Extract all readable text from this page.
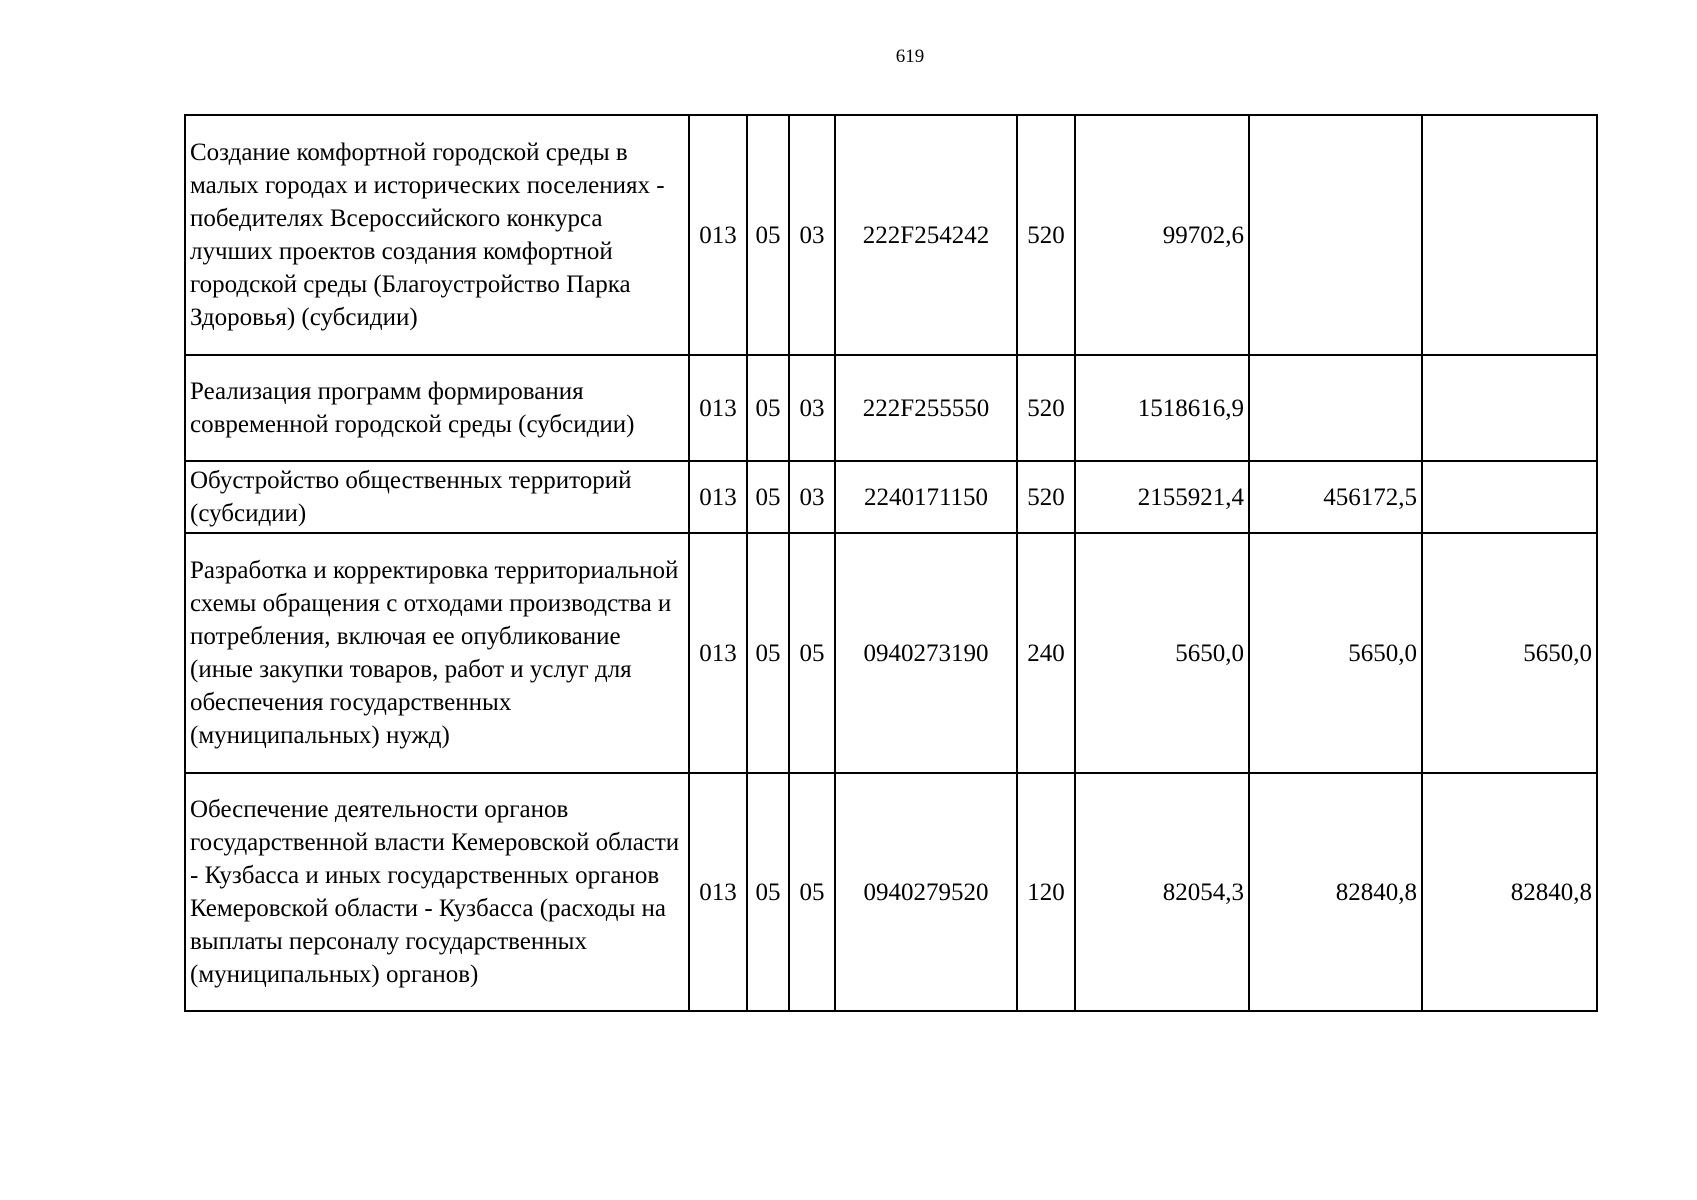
619
Создание комфортной городской среды в малых городах и исторических поселениях - победителях Всероссийского конкурса лучших проектов создания комфортной городской среды (Благоустройство Парка Здоровья) (субсидии)	013	05	03	222F254242	520	99702,6		
Реализация программ формирования современной городской среды (субсидии)	013	05	03	222F255550	520	1518616,9		
Обустройство общественных территорий (субсидии)	013	05	03	2240171150	520	2155921,4	456172,5	
Разработка и корректировка территориальной схемы обращения с отходами производства и потребления, включая ее опубликование (иные закупки товаров, работ и услуг для обеспечения государственных (муниципальных) нужд)	013	05	05	0940273190	240	5650,0	5650,0	5650,0
Обеспечение деятельности органов государственной власти Кемеровской области - Кузбасса и иных государственных органов Кемеровской области - Кузбасса (расходы на выплаты персоналу государственных (муниципальных) органов)	013	05	05	0940279520	120	82054,3	82840,8	82840,8
